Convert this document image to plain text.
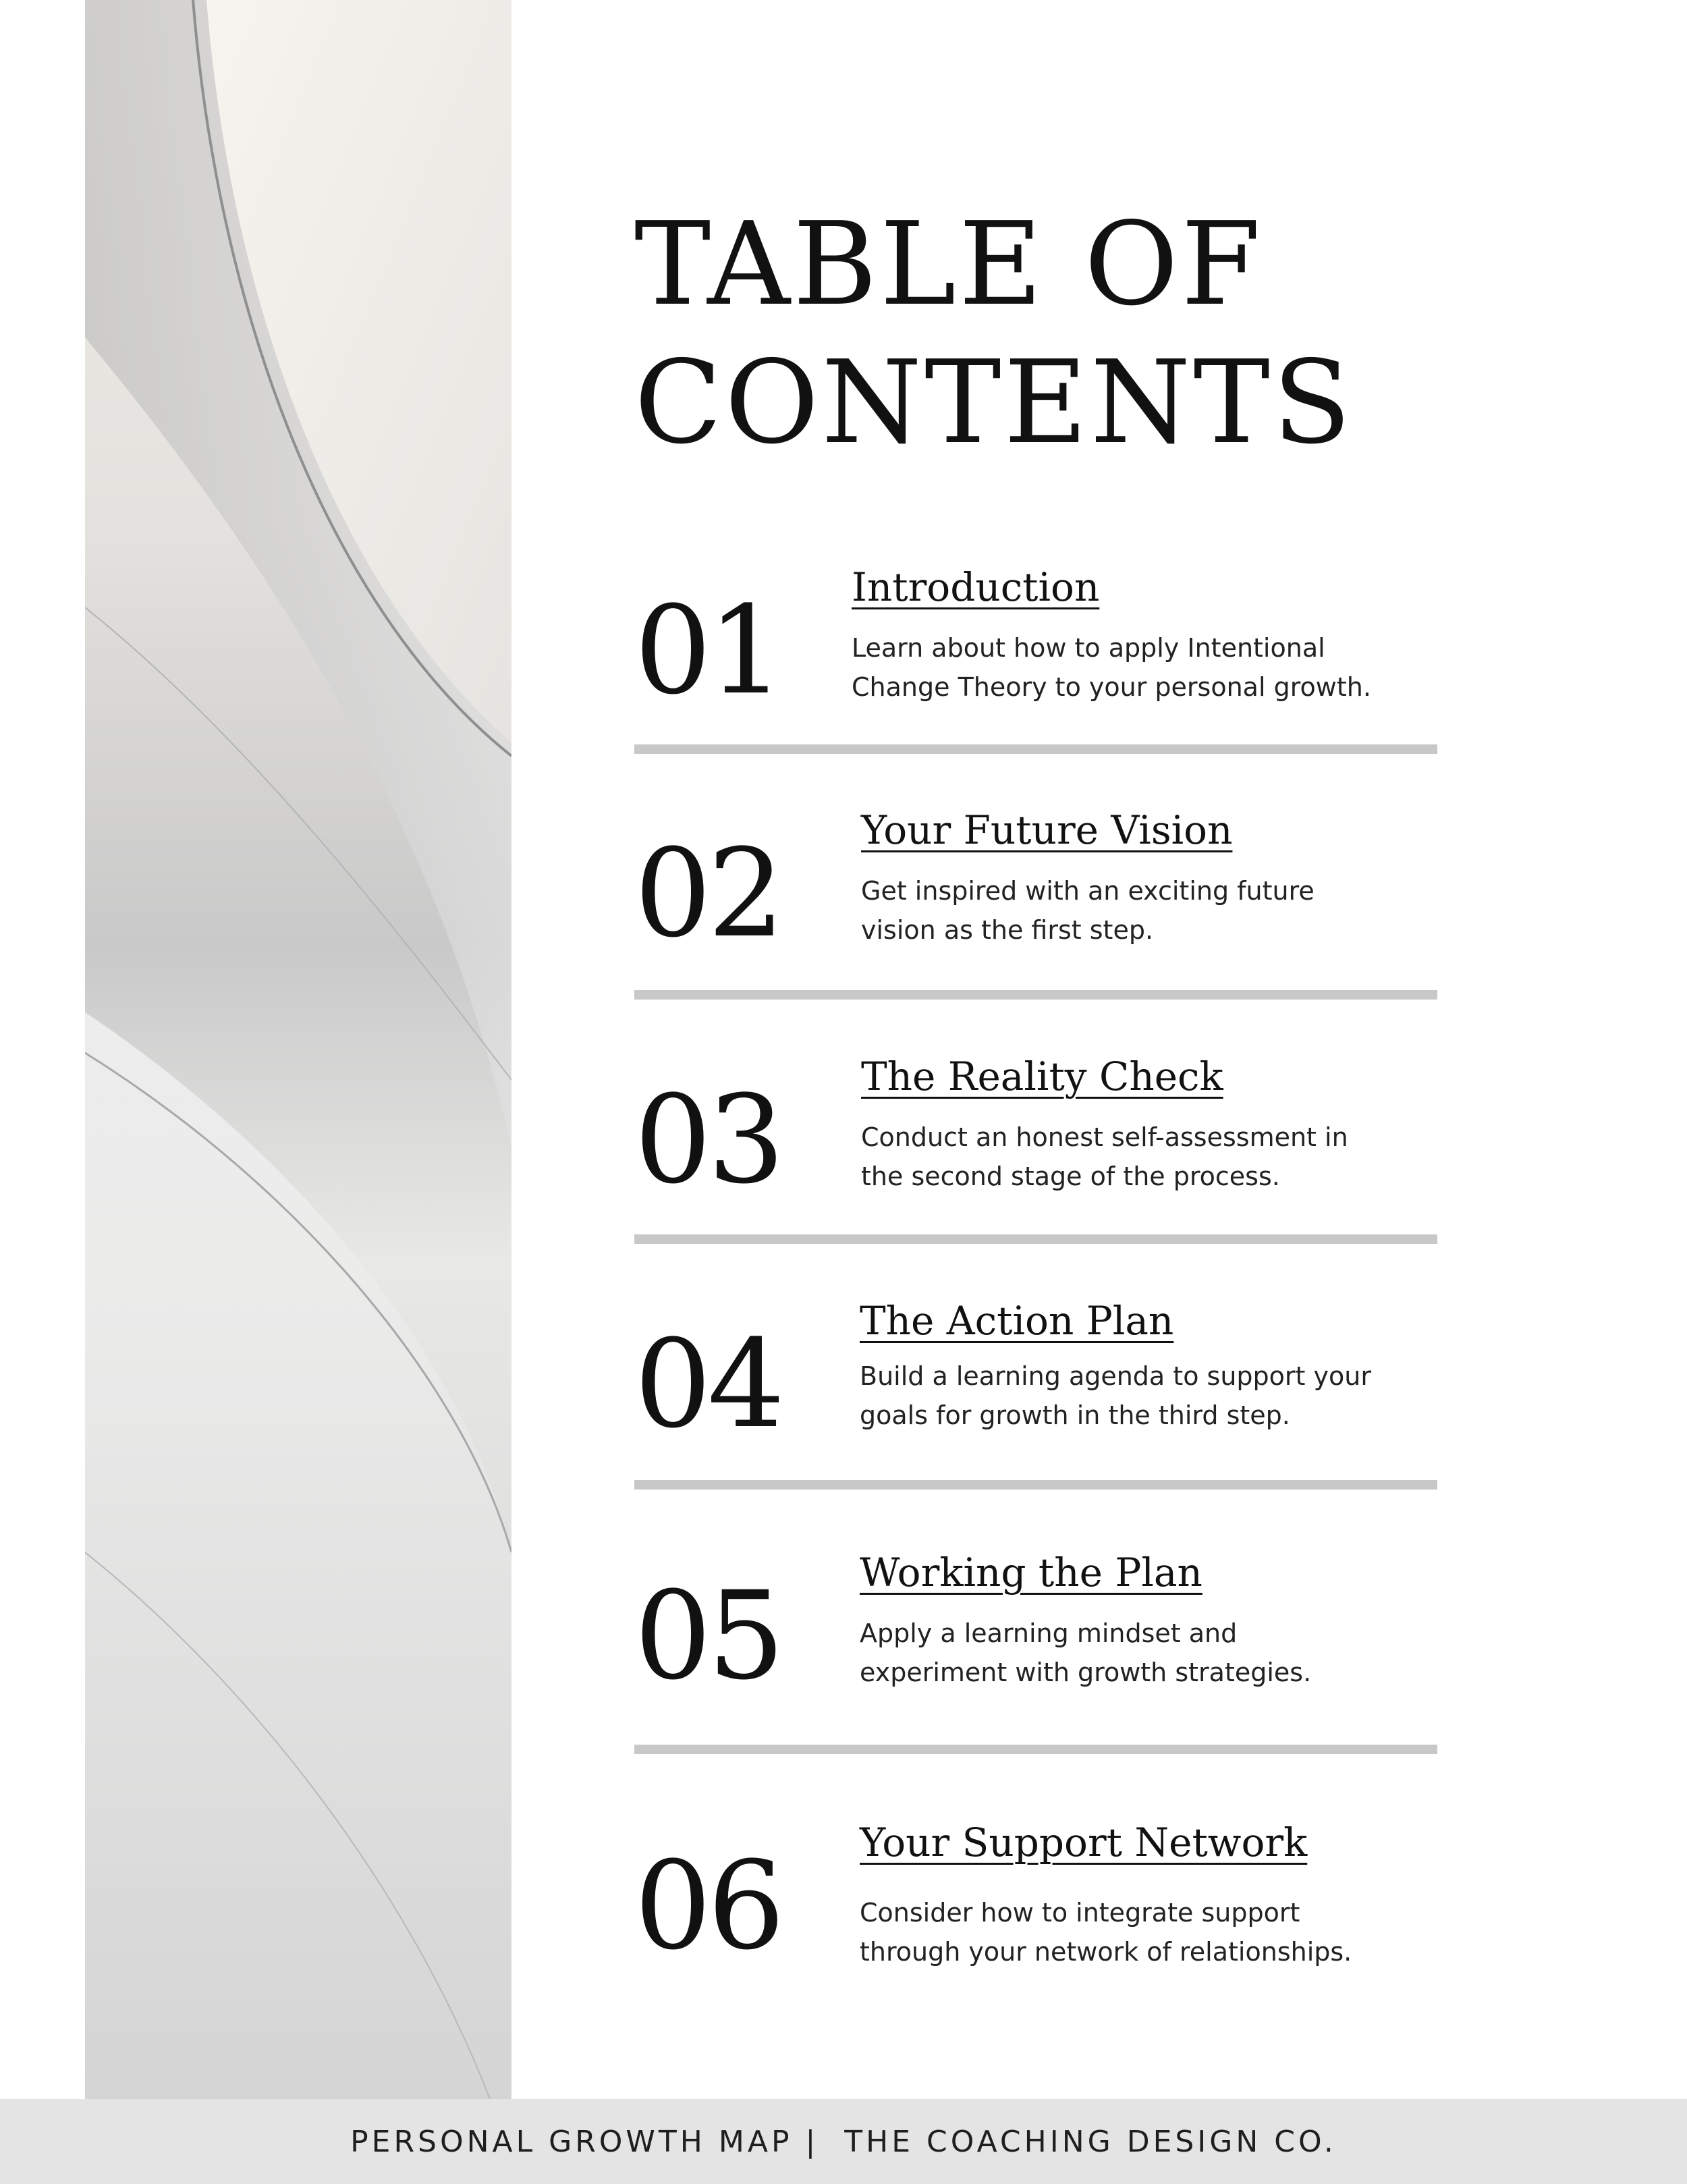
TABLE OF
CONTENTS
01 Introduction
Learn about how to apply Intentional
Change Theory to your personal growth.
02 Your Future Vision
Get inspired with an exciting future
vision as the first step.
03 The Reality Check
Conduct an honest self-assessment in
the second stage of the process.
04 The Action Plan
Build a learning agenda to support your
goals for growth in the third step.
05 Working the Plan
Apply a learning mindset and
experiment with growth strategies.
06 Your Support Network
Consider how to integrate support
through your network of relationships.
PERSONAL GROWTH MAP |  THE COACHING DESIGN CO.
